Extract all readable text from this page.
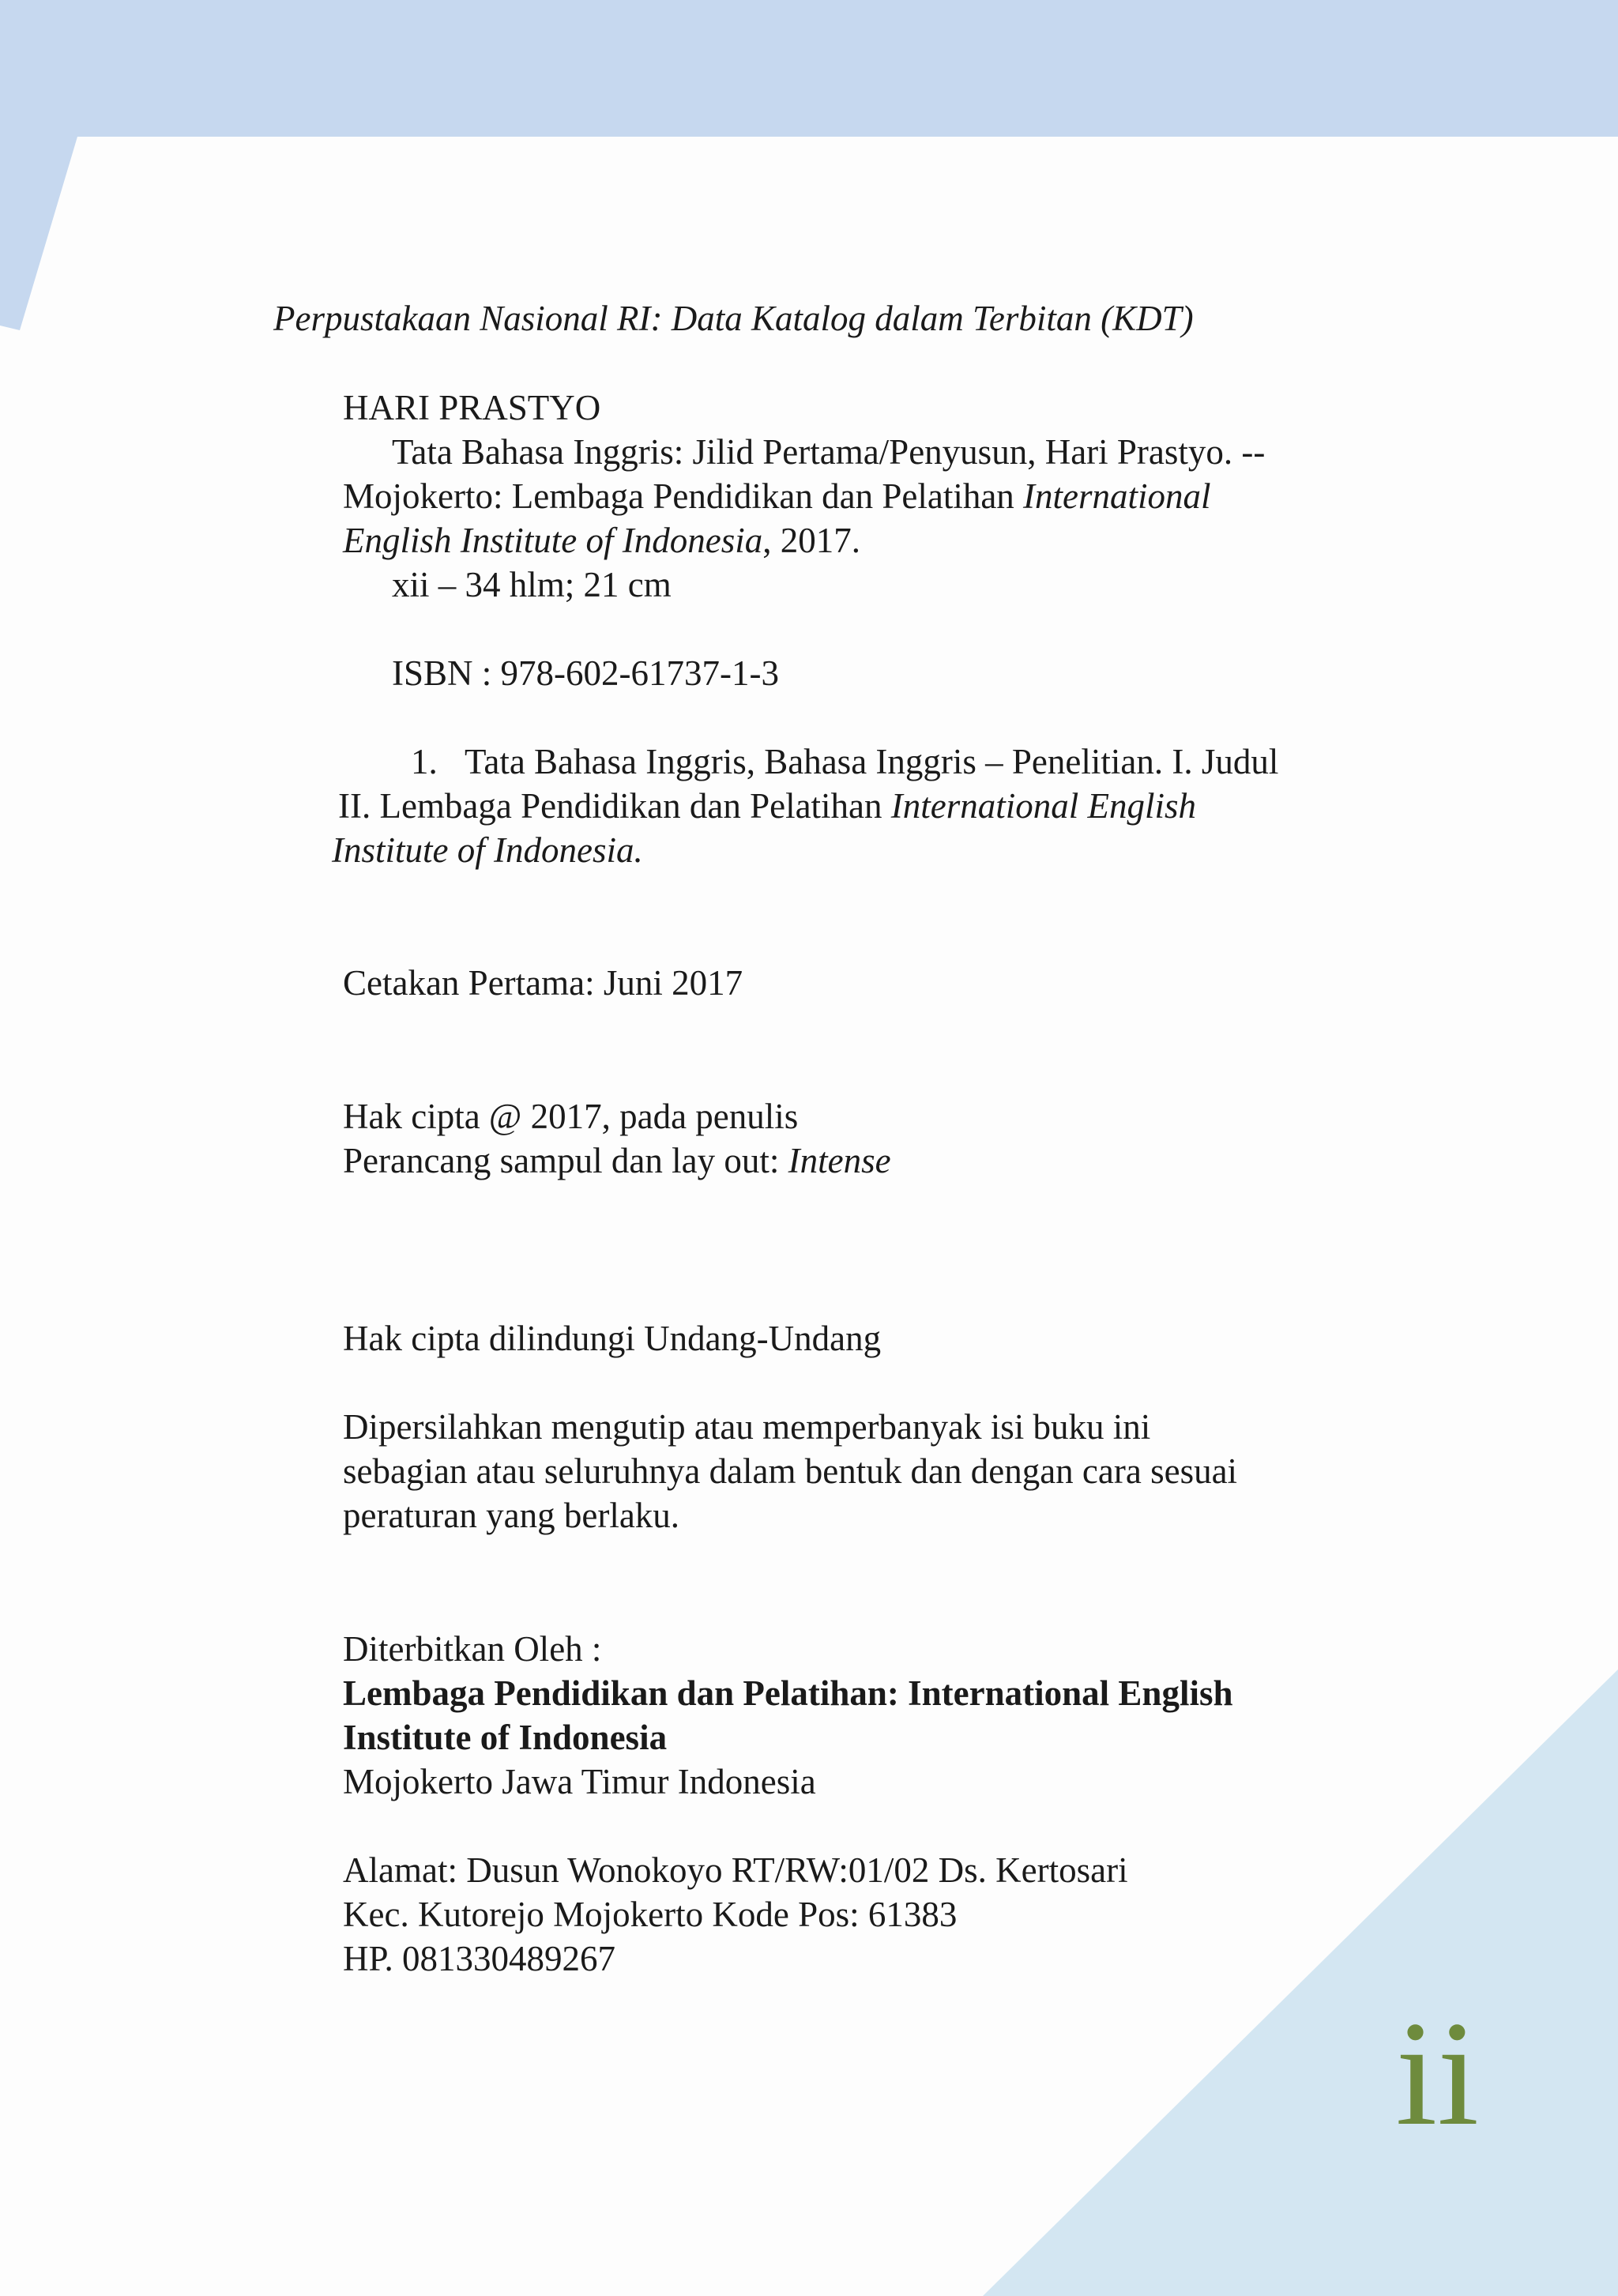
Perpustakaan Nasional RI: Data Katalog dalam Terbitan (KDT)

HARI PRASTYO

Tata Bahasa Inggris: Jilid Pertama/Penyusun, Hari Prastyo. --

Mojokerto: Lembaga Pendidikan dan Pelatihan International

English Institute of Indonesia, 2017.

xii – 34 hlm; 21 cm

ISBN : 978-602-61737-1-3

1. Tata Bahasa Inggris, Bahasa Inggris – Penelitian. I. Judul

II. Lembaga Pendidikan dan Pelatihan International English

Institute of Indonesia.

Cetakan Pertama: Juni 2017

Hak cipta @ 2017, pada penulis

Perancang sampul dan lay out: Intense

Hak cipta dilindungi Undang-Undang

Dipersilahkan mengutip atau memperbanyak isi buku ini

sebagian atau seluruhnya dalam bentuk dan dengan cara sesuai

peraturan yang berlaku.

Diterbitkan Oleh :

Lembaga Pendidikan dan Pelatihan: International English

Institute of Indonesia

Mojokerto Jawa Timur Indonesia

Alamat: Dusun Wonokoyo RT/RW:01/02 Ds. Kertosari

Kec. Kutorejo Mojokerto Kode Pos: 61383

HP. 081330489267

ii
